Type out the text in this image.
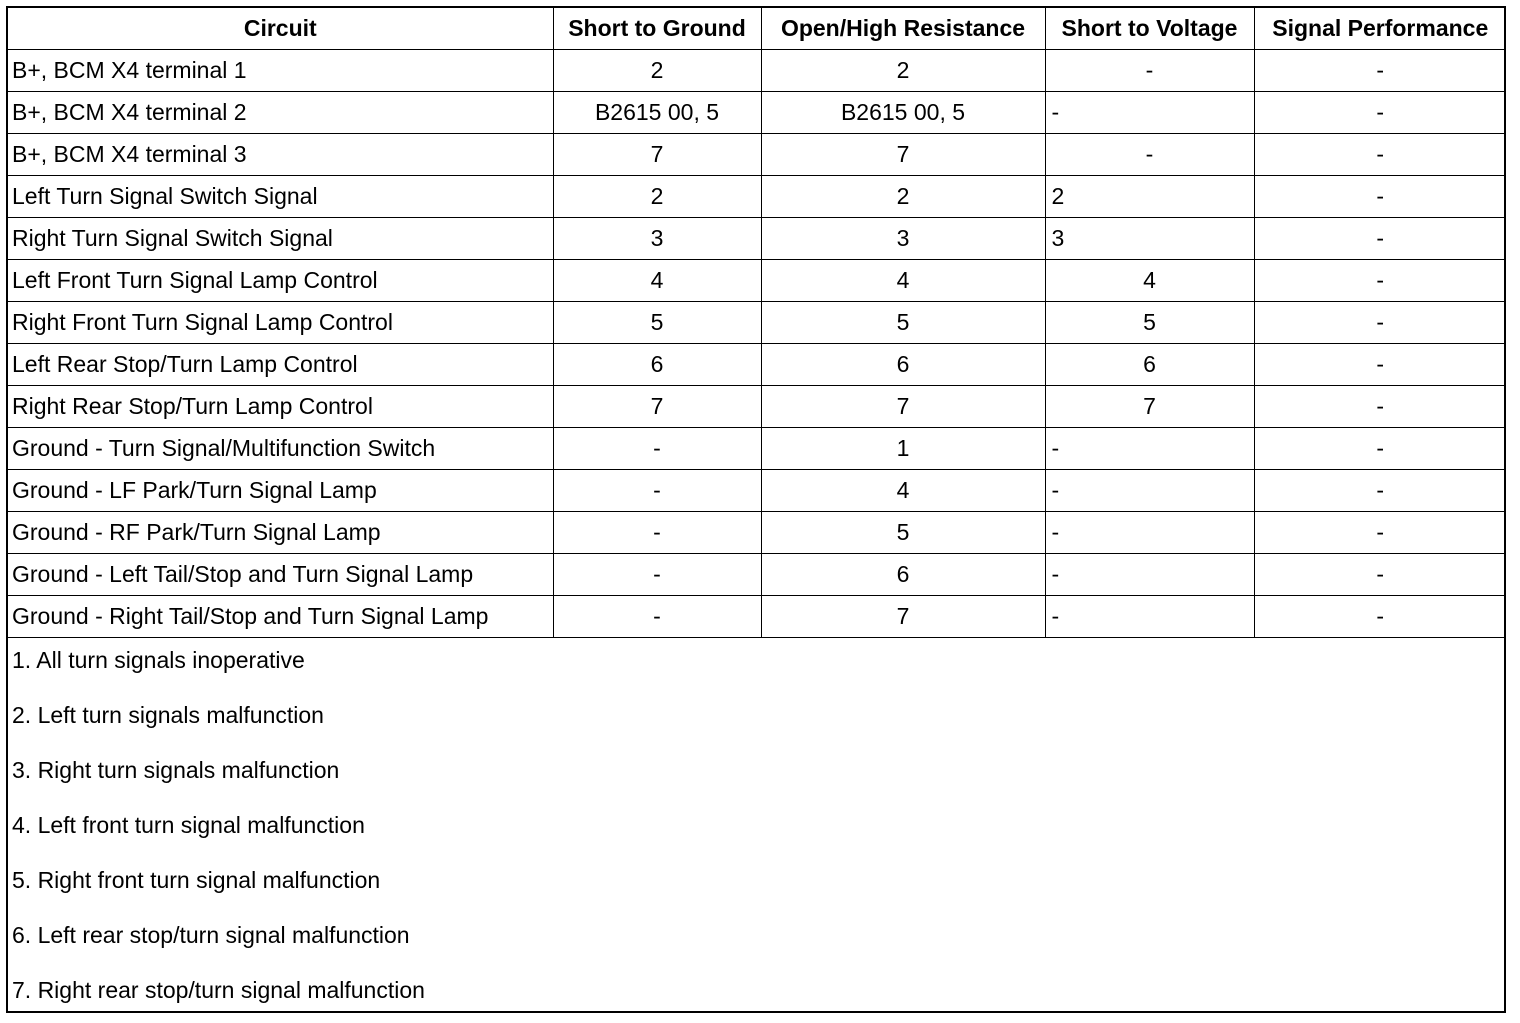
Circuit	Short to Ground	Open/High Resistance	Short to Voltage	Signal Performance
B+, BCM X4 terminal 1	2	2	-	-
B+, BCM X4 terminal 2	B2615 00, 5	B2615 00, 5	-	-
B+, BCM X4 terminal 3	7	7	-	-
Left Turn Signal Switch Signal	2	2	2	-
Right Turn Signal Switch Signal	3	3	3	-
Left Front Turn Signal Lamp Control	4	4	4	-
Right Front Turn Signal Lamp Control	5	5	5	-
Left Rear Stop/Turn Lamp Control	6	6	6	-
Right Rear Stop/Turn Lamp Control	7	7	7	-
Ground - Turn Signal/Multifunction Switch	-	1	-	-
Ground - LF Park/Turn Signal Lamp	-	4	-	-
Ground - RF Park/Turn Signal Lamp	-	5	-	-
Ground - Left Tail/Stop and Turn Signal Lamp	-	6	-	-
Ground - Right Tail/Stop and Turn Signal Lamp	-	7	-	-
1. All turn signals inoperative
2. Left turn signals malfunction
3. Right turn signals malfunction
4. Left front turn signal malfunction
5. Right front turn signal malfunction
6. Left rear stop/turn signal malfunction
7. Right rear stop/turn signal malfunction
